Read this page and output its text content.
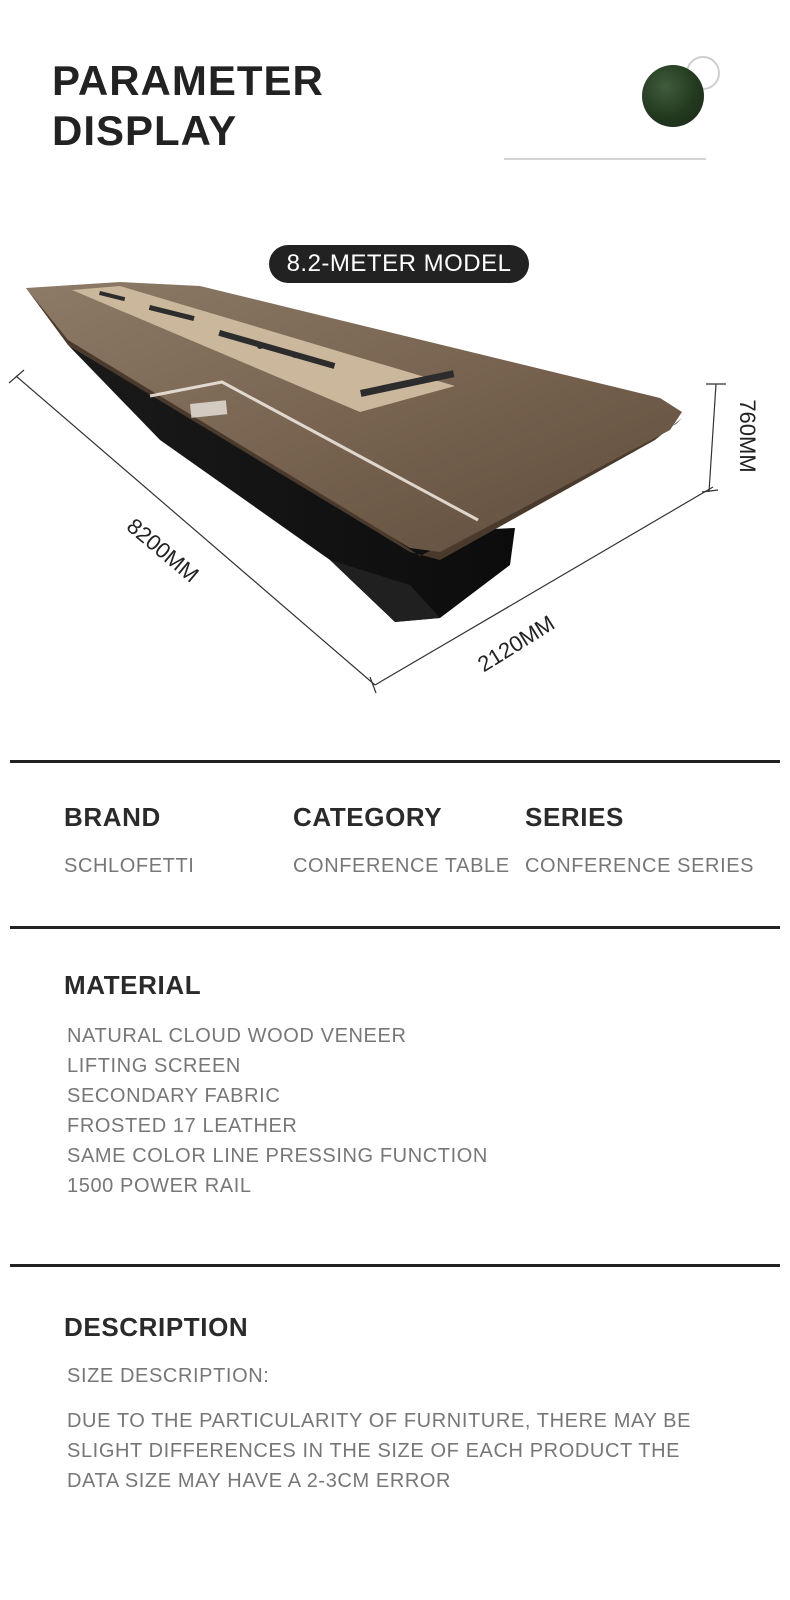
PARAMETER
DISPLAY
8200MM
2120MM
760MM
8.2-METER MODEL
BRAND

SCHLOFETTI

CATEGORY

CONFERENCE TABLE

SERIES

CONFERENCE SERIES

MATERIAL

NATURAL CLOUD WOOD VENEER

LIFTING SCREEN

SECONDARY FABRIC

FROSTED 17 LEATHER

SAME COLOR LINE PRESSING FUNCTION

1500 POWER RAIL

DESCRIPTION

SIZE DESCRIPTION:

DUE TO THE PARTICULARITY OF FURNITURE, THERE MAY BE

SLIGHT DIFFERENCES IN THE SIZE OF EACH PRODUCT THE

DATA SIZE MAY HAVE A 2-3CM ERROR
